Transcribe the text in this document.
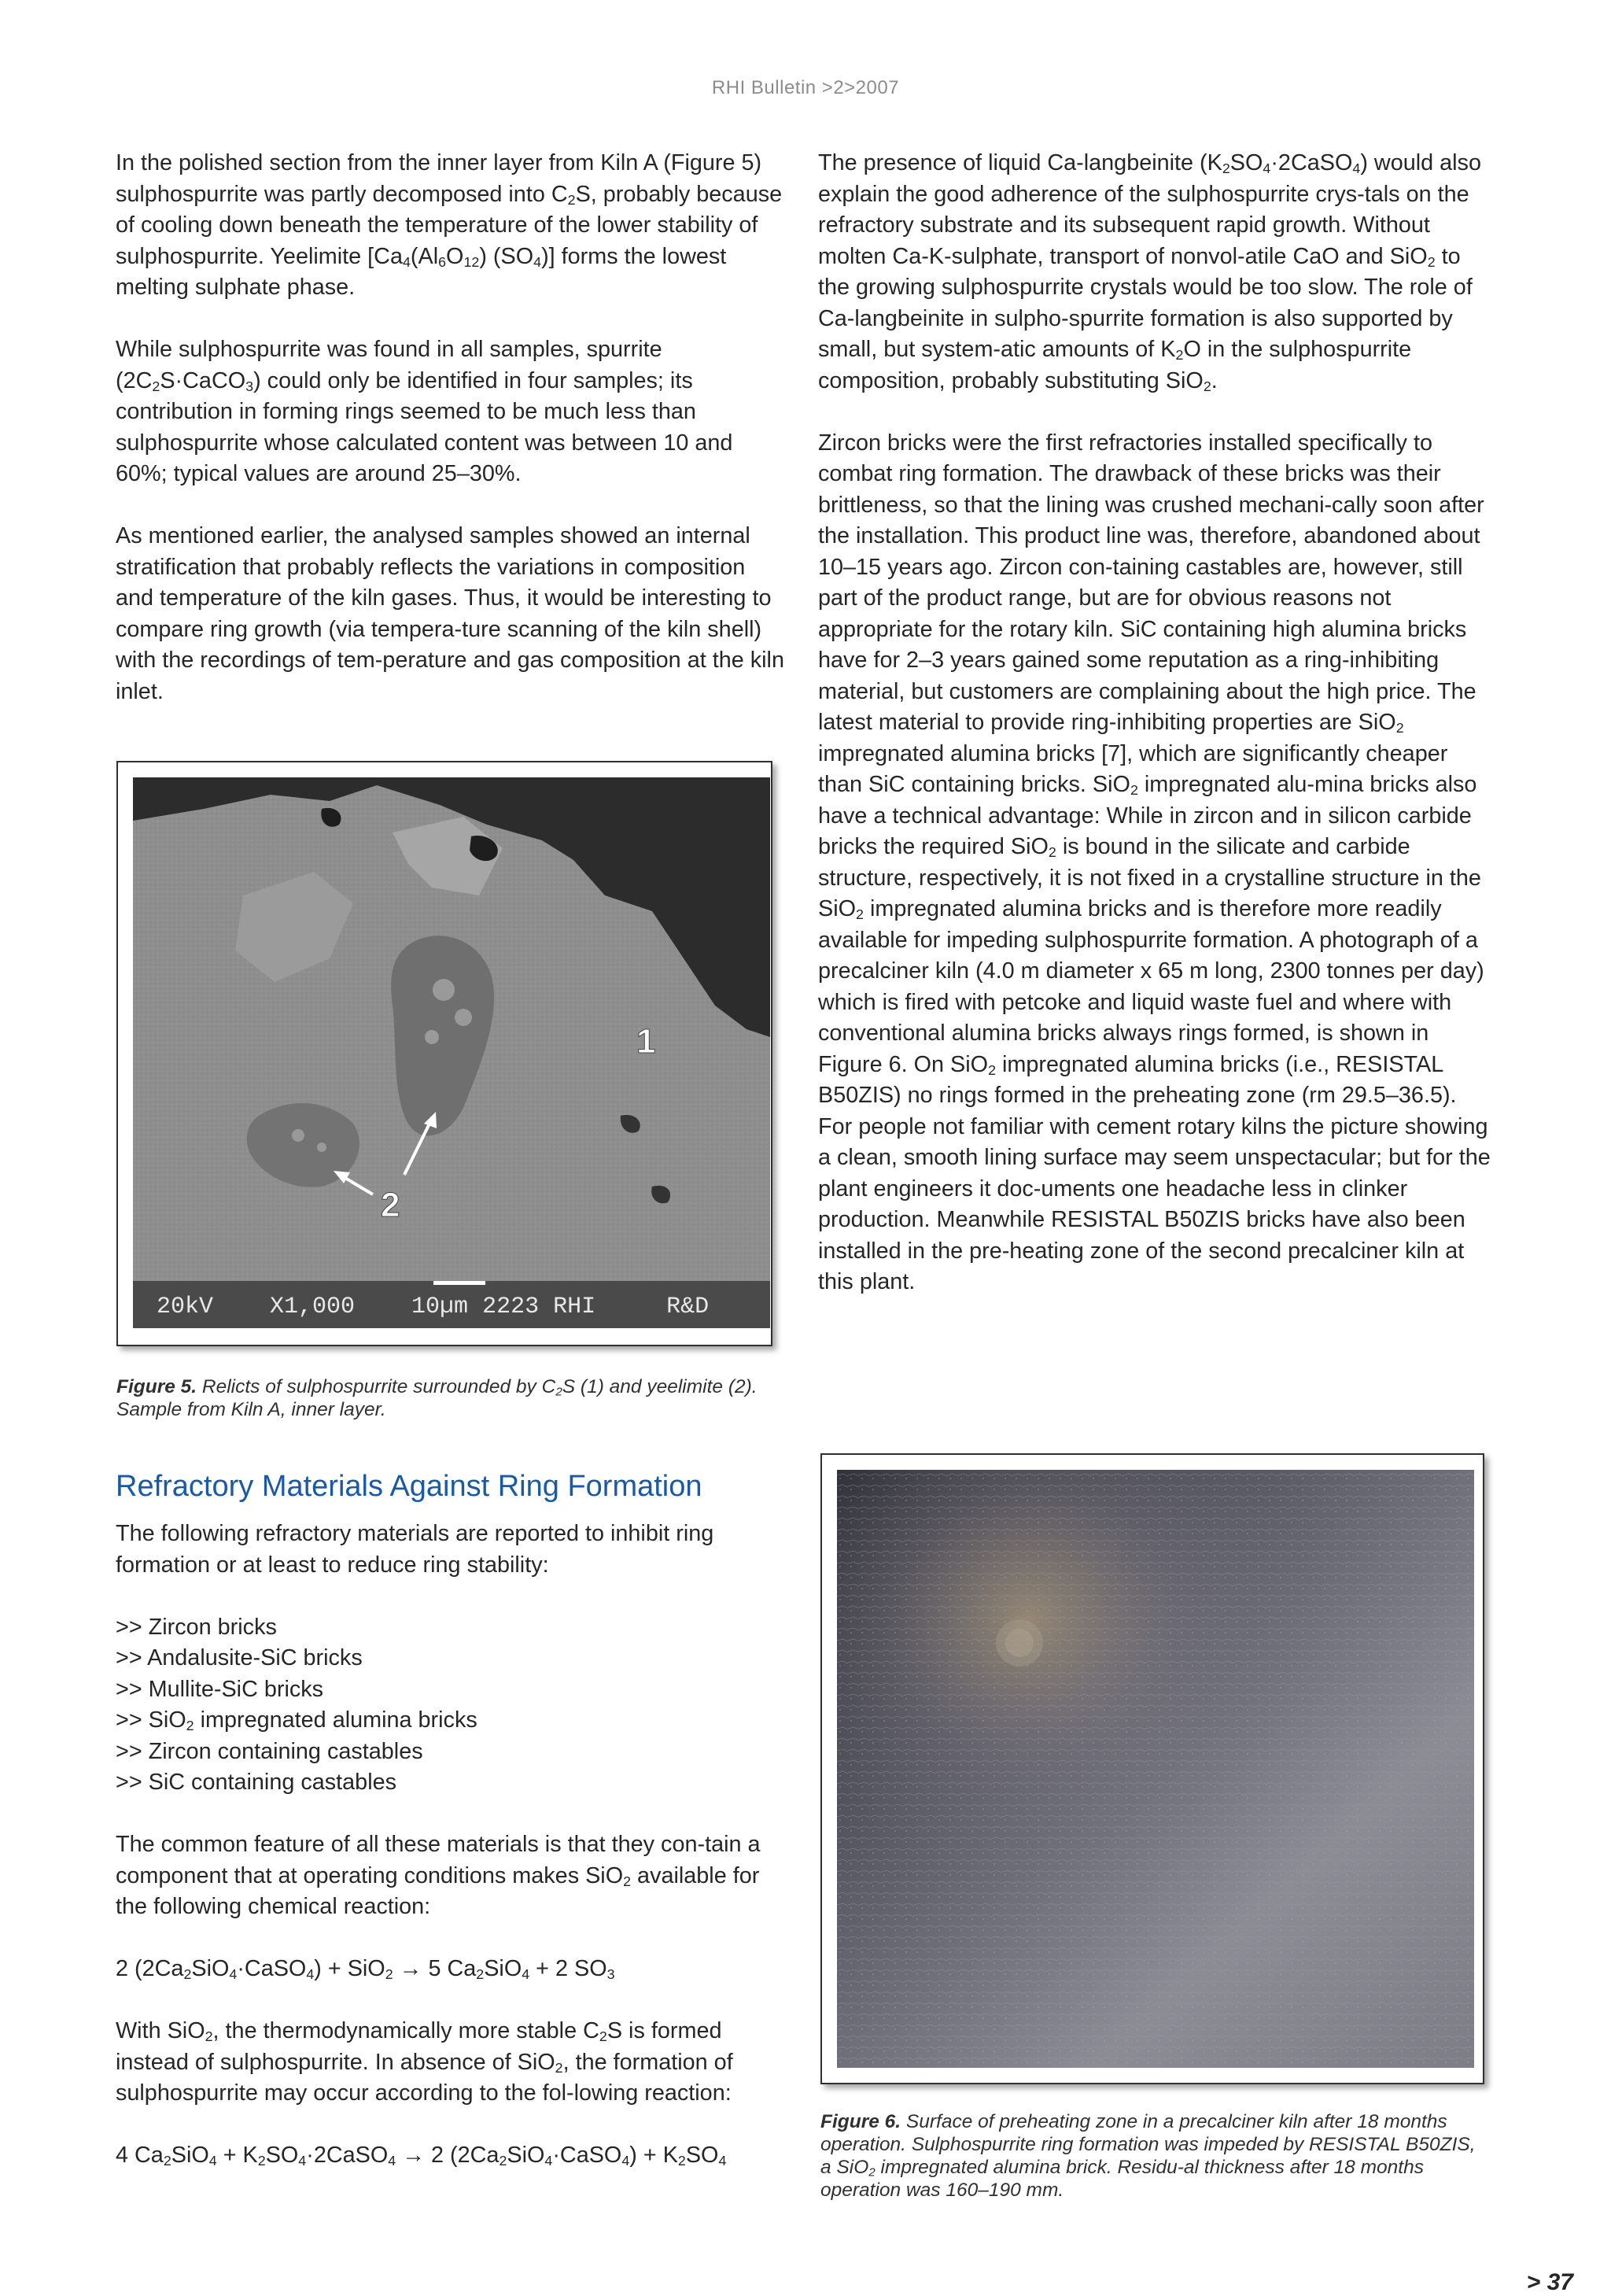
RHI Bulletin >2>2007

In the polished section from the inner layer from Kiln A (Figure 5) sulphospurrite was partly decomposed into $C_2S$, probably because of cooling down beneath the temperature of the lower stability of sulphospurrite. Yeelimite [$Ca_4(Al_6O_{12})$ $(SO_4)$] forms the lowest melting sulphate phase.

While sulphospurrite was found in all samples, spurrite $(2C_2S\cdot CaCO_3)$ could only be identified in four samples; its contribution in forming rings seemed to be much less than sulphospurrite whose calculated content was between 10 and 60%; typical values are around 25–30%.

As mentioned earlier, the analysed samples showed an internal stratification that probably reflects the variations in composition and temperature of the kiln gases. Thus, it would be interesting to compare ring growth (via tempera-ture scanning of the kiln shell) with the recordings of tem-perature and gas composition at the kiln inlet.

1
2
20kV    X1,000    10µm 2223 RHI     R&D
Figure 5. Relicts of sulphospurrite surrounded by $C_2S$ (1) and yeelimite (2). Sample from Kiln A, inner layer.
Refractory Materials Against Ring Formation

The following refractory materials are reported to inhibit ring formation or at least to reduce ring stability:

>> Zircon bricks
>> Andalusite-SiC bricks
>> Mullite-SiC bricks
>> SiO$_2$ impregnated alumina bricks
>> Zircon containing castables
>> SiC containing castables

The common feature of all these materials is that they con-tain a component that at operating conditions makes SiO$_2$ available for the following chemical reaction:

2 $(2Ca_2SiO_4\cdot CaSO_4) + SiO_2 \to 5$ $Ca_2SiO_4 + 2$ $SO_3$

With SiO$_2$, the thermodynamically more stable $C_2S$ is formed instead of sulphospurrite. In absence of SiO$_2$, the formation of sulphospurrite may occur according to the fol-lowing reaction:

4 $Ca_2SiO_4$ + $K_2SO_4\cdot 2CaSO_4 \to 2$ $(2Ca_2SiO_4\cdot CaSO_4) + K_2SO_4$

The presence of liquid Ca-langbeinite $(K_2SO_4\cdot 2CaSO_4)$ would also explain the good adherence of the sulphospurrite crys-tals on the refractory substrate and its subsequent rapid growth. Without molten Ca-K-sulphate, transport of nonvol-atile CaO and SiO$_2$ to the growing sulphospurrite crystals would be too slow. The role of Ca-langbeinite in sulpho-spurrite formation is also supported by small, but system-atic amounts of $K_2O$ in the sulphospurrite composition, probably substituting SiO$_2$.

Zircon bricks were the first refractories installed specifically to combat ring formation. The drawback of these bricks was their brittleness, so that the lining was crushed mechani-cally soon after the installation. This product line was, therefore, abandoned about 10–15 years ago. Zircon con-taining castables are, however, still part of the product range, but are for obvious reasons not appropriate for the rotary kiln. SiC containing high alumina bricks have for 2–3 years gained some reputation as a ring-inhibiting material, but customers are complaining about the high price. The latest material to provide ring-inhibiting properties are SiO$_2$ impregnated alumina bricks [7], which are significantly cheaper than SiC containing bricks. SiO$_2$ impregnated alu-mina bricks also have a technical advantage: While in zircon and in silicon carbide bricks the required SiO$_2$ is bound in the silicate and carbide structure, respectively, it is not fixed in a crystalline structure in the SiO$_2$ impregnated alumina bricks and is therefore more readily available for impeding sulphospurrite formation. A photograph of a precalciner kiln (4.0 m diameter x 65 m long, 2300 tonnes per day) which is fired with petcoke and liquid waste fuel and where with conventional alumina bricks always rings formed, is shown in Figure 6. On SiO$_2$ impregnated alumina bricks (i.e., RESISTAL B50ZIS) no rings formed in the preheating zone (rm 29.5–36.5). For people not familiar with cement rotary kilns the picture showing a clean, smooth lining surface may seem unspectacular; but for the plant engineers it doc-uments one headache less in clinker production. Meanwhile RESISTAL B50ZIS bricks have also been installed in the pre-heating zone of the second precalciner kiln at this plant.

Figure 6. Surface of preheating zone in a precalciner kiln after 18 months operation. Sulphospurrite ring formation was impeded by RESISTAL B50ZIS, a SiO$_2$ impregnated alumina brick. Residu-al thickness after 18 months operation was 160–190 mm.
> 37
